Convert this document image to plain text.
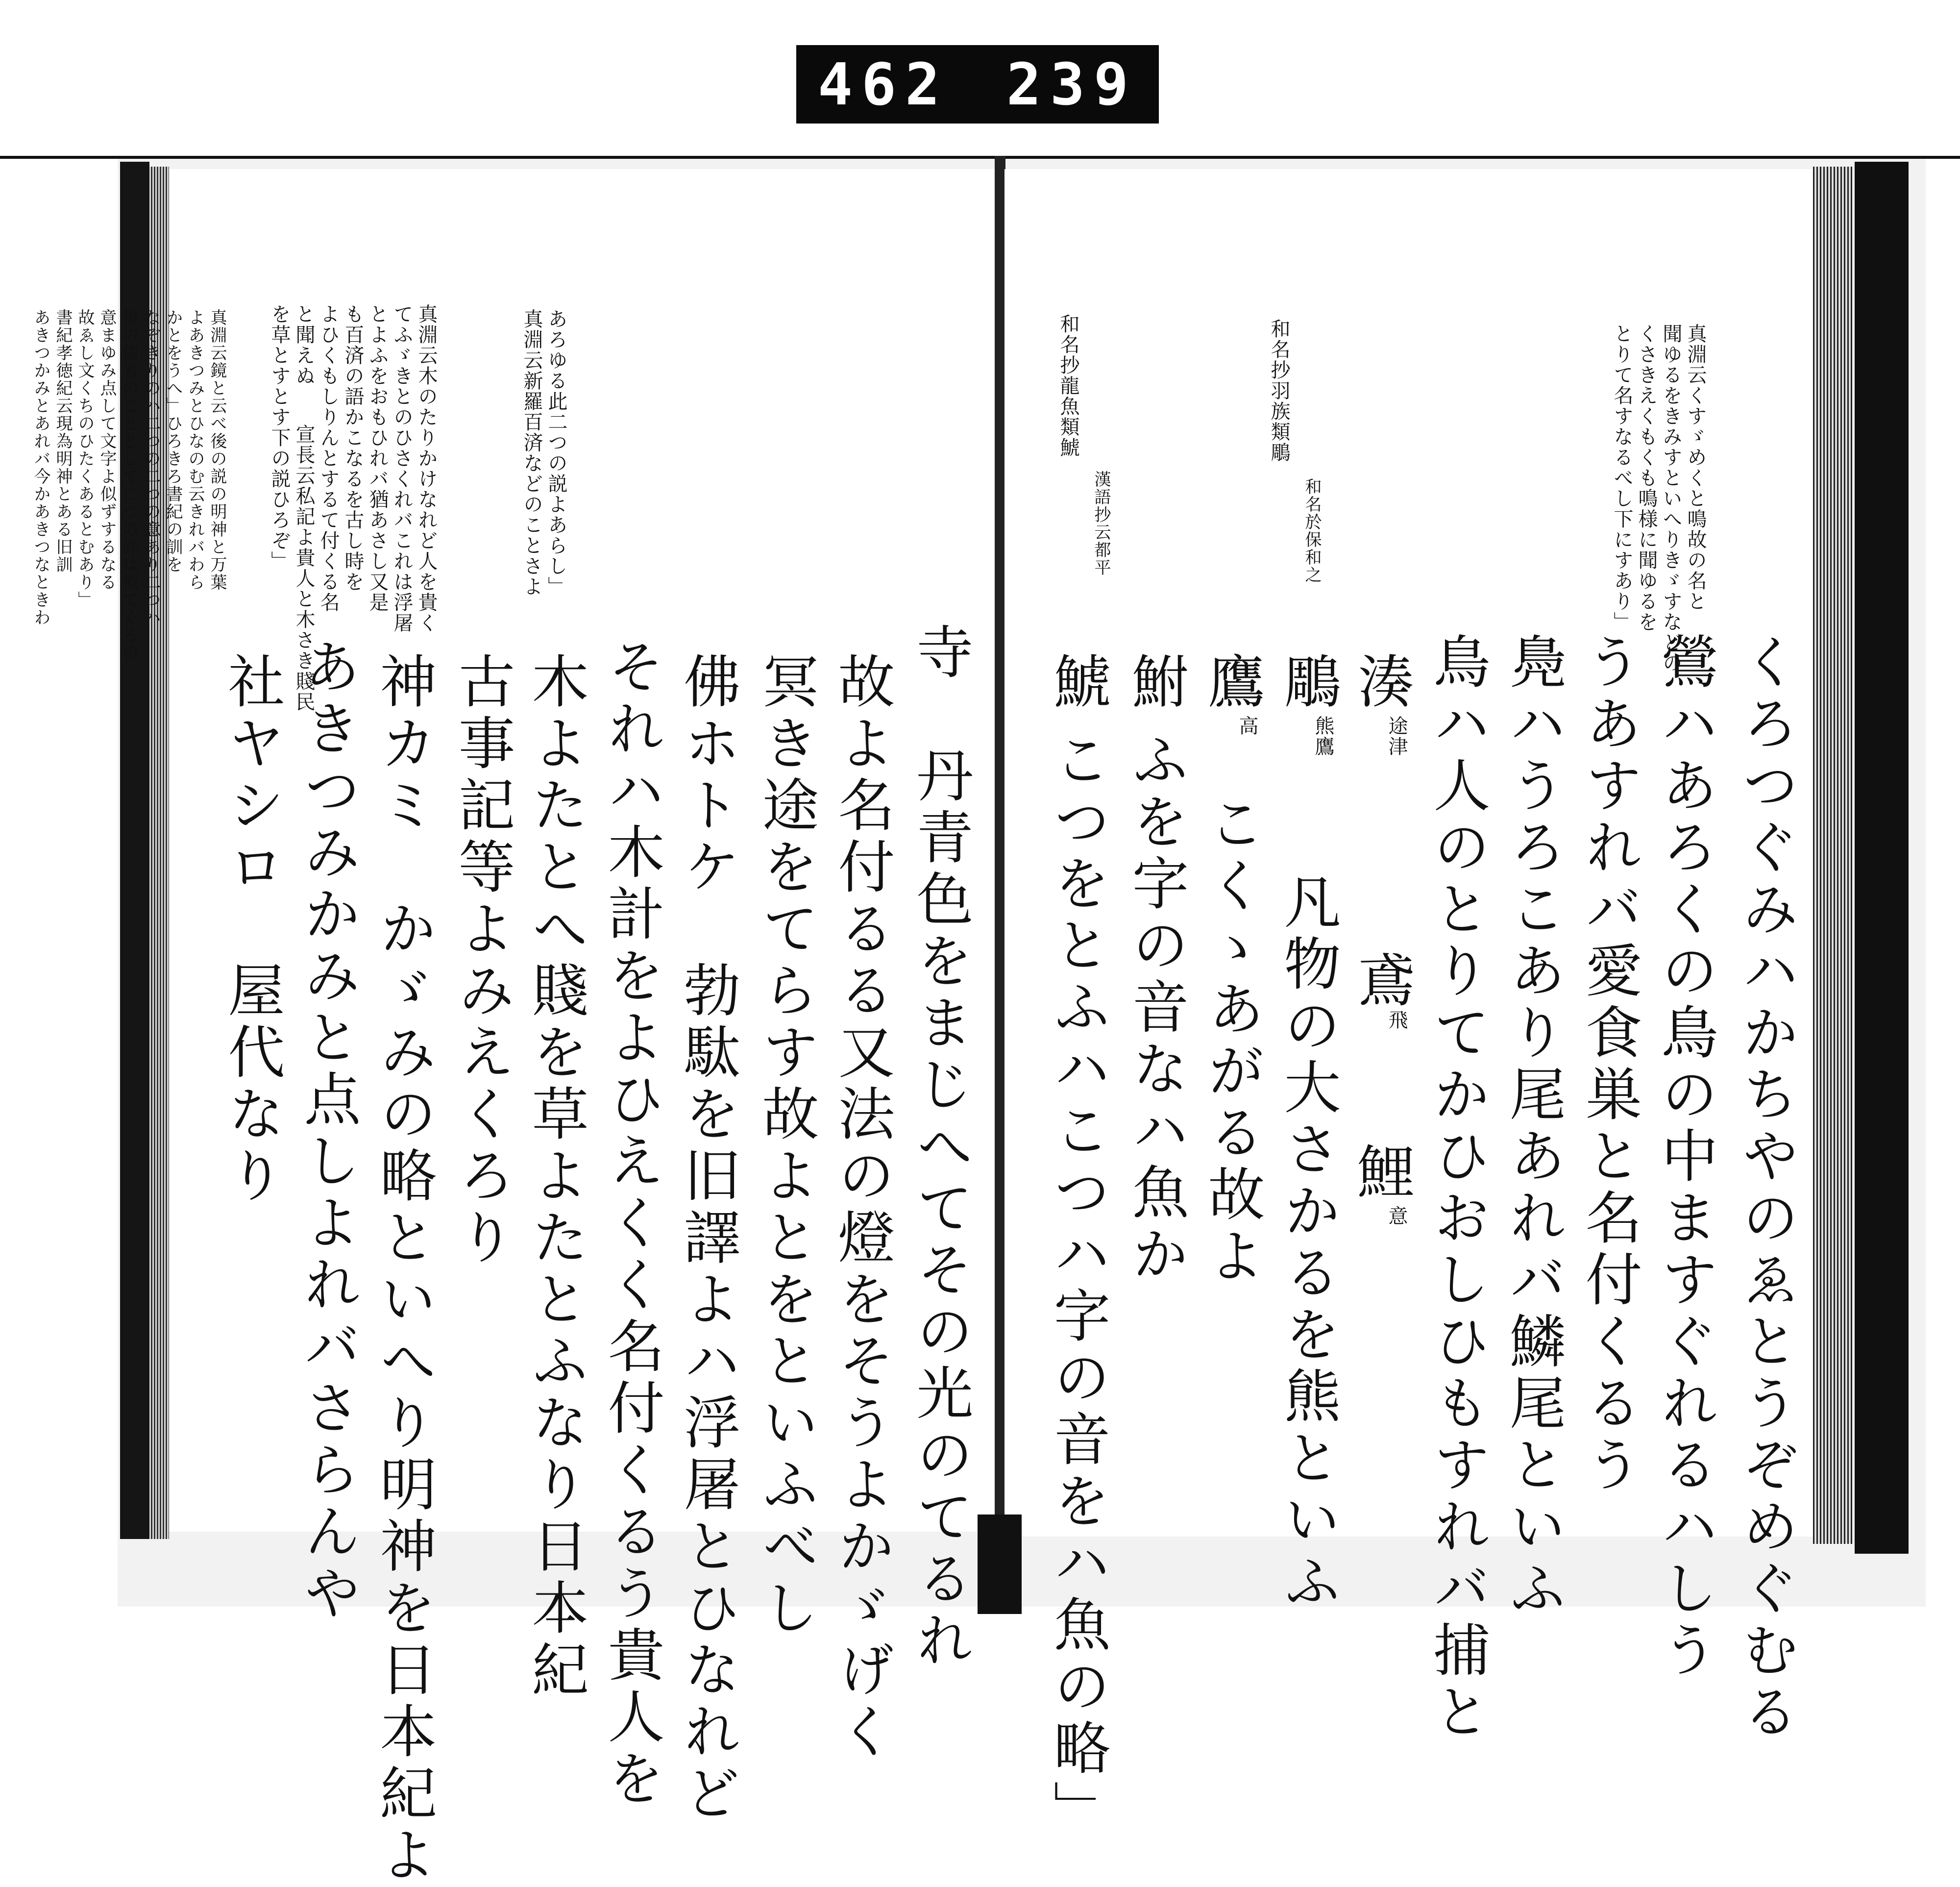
462 239
真淵云新羅百済などのことさよ あろゆる此二つの説よあらし」
真淵云木のたりかけなれど人を貴く
てふゞきとのひさくれバこれは浮屠
とよふをおもひれバ猶あさし又是
も百済の語かこなるを古し時を
よひくもしりんとするて付くる名
と聞えぬ
宣長云私記よ貴人と木さき賤民
を草とすとす下の説ひろぞ」
真淵云鏡と云べ後の説の明神と万葉
よあきつみとひなのむ云きれバわら
かとをうへ」ひろきろ書紀の訓を
なぞきりのハ二つの二つの意あり二つハ
後の儒者のこととして二つの詳は似てくるの
意まゆみ点して文字よ似ずするなる
故ゑし文くちのひたくあるとむあり」
書紀孝徳紀云現為明神とある旧訓
あきつかみとあれバ今かあきつなときわ
寺　丹青色をまじへてその光のてるれ
故よ名付るる又法の燈をそうよかゞげく
冥き途をてらす故よとをといふべし
佛ホトケ　勃駄を旧譯よハ浮屠とひなれど
それハ木計をよひえくく名付くるう貴人を
木よたとへ賤を草よたとふなり日本紀
古事記等よみえくろり
神カミ　かゞみの略といへり明神を日本紀よ
あきつみかみと点しよれバさらんや
社ヤシロ　屋代なり
真淵云くすゞめくと鳴故の名と
聞ゆるをきみすといへりきゞすなどの
くさきえくもくも鳴様に聞ゆるを
とりて名すなるべし下にすあり」
くろつぐみハかちやのゑとうぞめぐむる
鶯ハあろくの鳥の中ますぐれるハしう
うあすれバ愛食巣と名付くるう
鳧ハうろこあり尾あれバ鱗尾といふ
鳥ハ人のとりてかひおしひもすれバ捕と
和名抄羽族類鵰
和名於保和之
湊
途津
鳶
飛
鯉
意
鵰
熊鷹
凡物の大さかるを熊といふ
鷹
高
こくゝあがる故よ
鮒
ふを字の音なハ魚か
鯱
こつをとふハこつハ字の音をハ魚の略」
和名抄龍魚類鯱
漢語抄云都平
